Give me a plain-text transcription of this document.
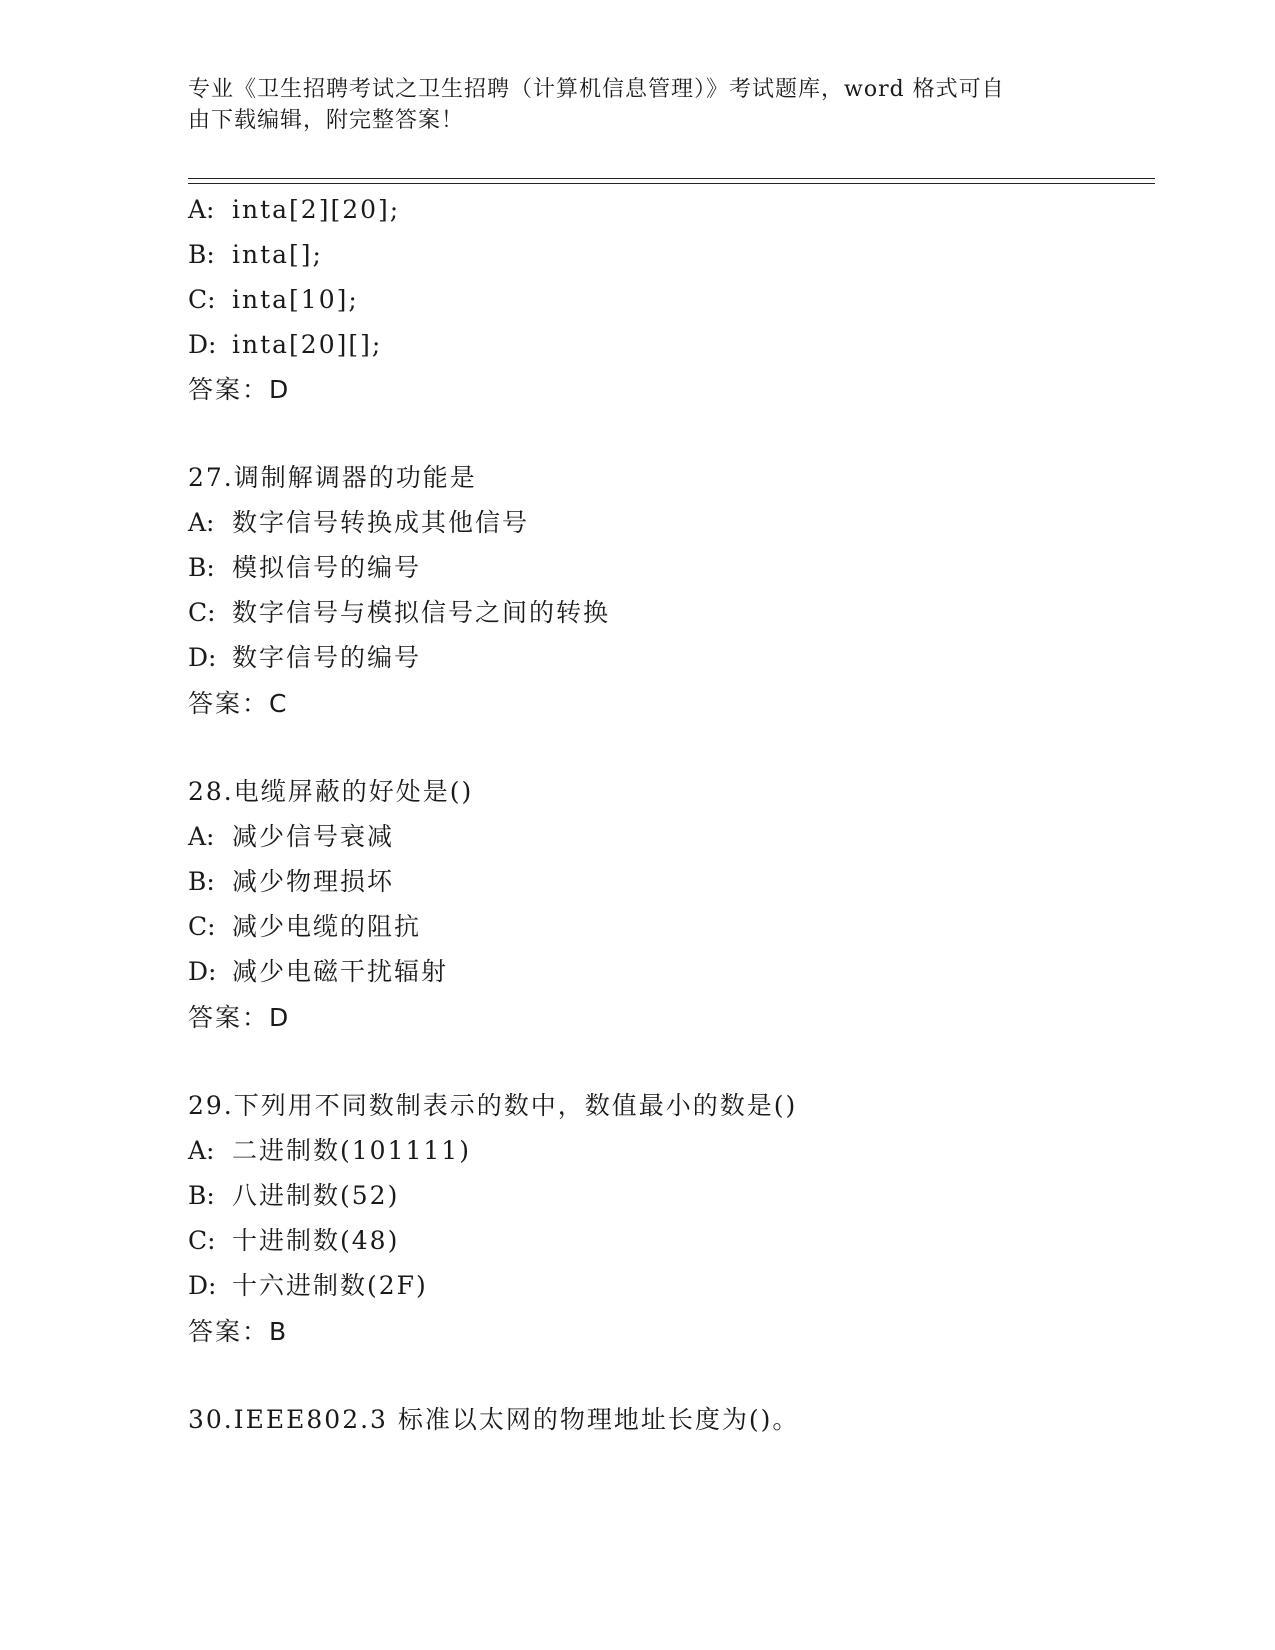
专业《卫生招聘考试之卫生招聘（计算机信息管理）》考试题库，word 格式可自
由下载编辑，附完整答案！
A: inta[2][20];
B: inta[];
C: inta[10];
D: inta[20][];
答案：D
27.调制解调器的功能是
A: 数字信号转换成其他信号
B: 模拟信号的编号
C: 数字信号与模拟信号之间的转换
D: 数字信号的编号
答案：C
28.电缆屏蔽的好处是()
A: 减少信号衰减
B: 减少物理损坏
C: 减少电缆的阻抗
D: 减少电磁干扰辐射
答案：D
29.下列用不同数制表示的数中，数值最小的数是()
A: 二进制数(101111)
B: 八进制数(52)
C: 十进制数(48)
D: 十六进制数(2F)
答案：B
30.IEEE802.3 标准以太网的物理地址长度为()。
